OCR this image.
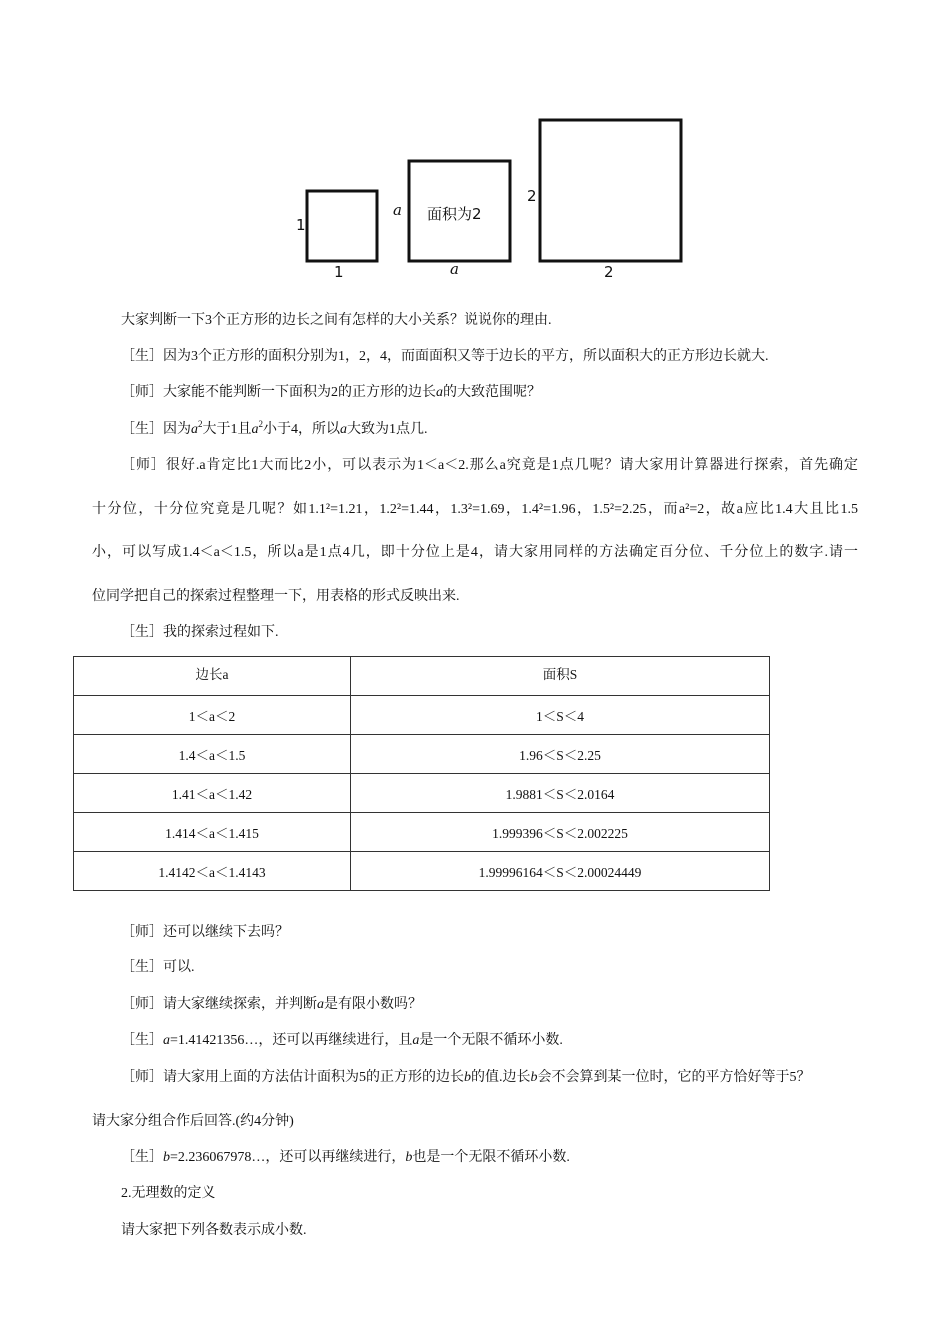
1
1
a
a
面积为2
2
2
大家判断一下3个正方形的边长之间有怎样的大小关系？说说你的理由.
［生］因为3个正方形的面积分别为1，2，4，而面面积又等于边长的平方，所以面积大的正方形边长就大.
［师］大家能不能判断一下面积为2的正方形的边长a的大致范围呢？
［生］因为$a^2$大于1且$a^2$小于4，所以a大致为1点几.
［师］很好.a肯定比1大而比2小，可以表示为1＜a＜2.那么a究竟是1点几呢？请大家用计算器进行探索，首先确定
十分位，十分位究竟是几呢？如1.1²=1.21，1.2²=1.44，1.3²=1.69，1.4²=1.96，1.5²=2.25，而a²=2，故a应比1.4大且比1.5
小，可以写成1.4＜a＜1.5，所以a是1点4几，即十分位上是4，请大家用同样的方法确定百分位、千分位上的数字.请一
位同学把自己的探索过程整理一下，用表格的形式反映出来.
［生］我的探索过程如下.
边长a	面积S
1＜a＜2	1＜S＜4
1.4＜a＜1.5	1.96＜S＜2.25
1.41＜a＜1.42	1.9881＜S＜2.0164
1.414＜a＜1.415	1.999396＜S＜2.002225
1.4142＜a＜1.4143	1.99996164＜S＜2.00024449
［师］还可以继续下去吗？
［生］可以.
［师］请大家继续探索，并判断a是有限小数吗？
［生］a=1.41421356…，还可以再继续进行，且a是一个无限不循环小数.
［师］请大家用上面的方法估计面积为5的正方形的边长b的值.边长b会不会算到某一位时，它的平方恰好等于5？
请大家分组合作后回答.(约4分钟)
［生］b=2.236067978…，还可以再继续进行，b也是一个无限不循环小数.
2.无理数的定义
请大家把下列各数表示成小数.
